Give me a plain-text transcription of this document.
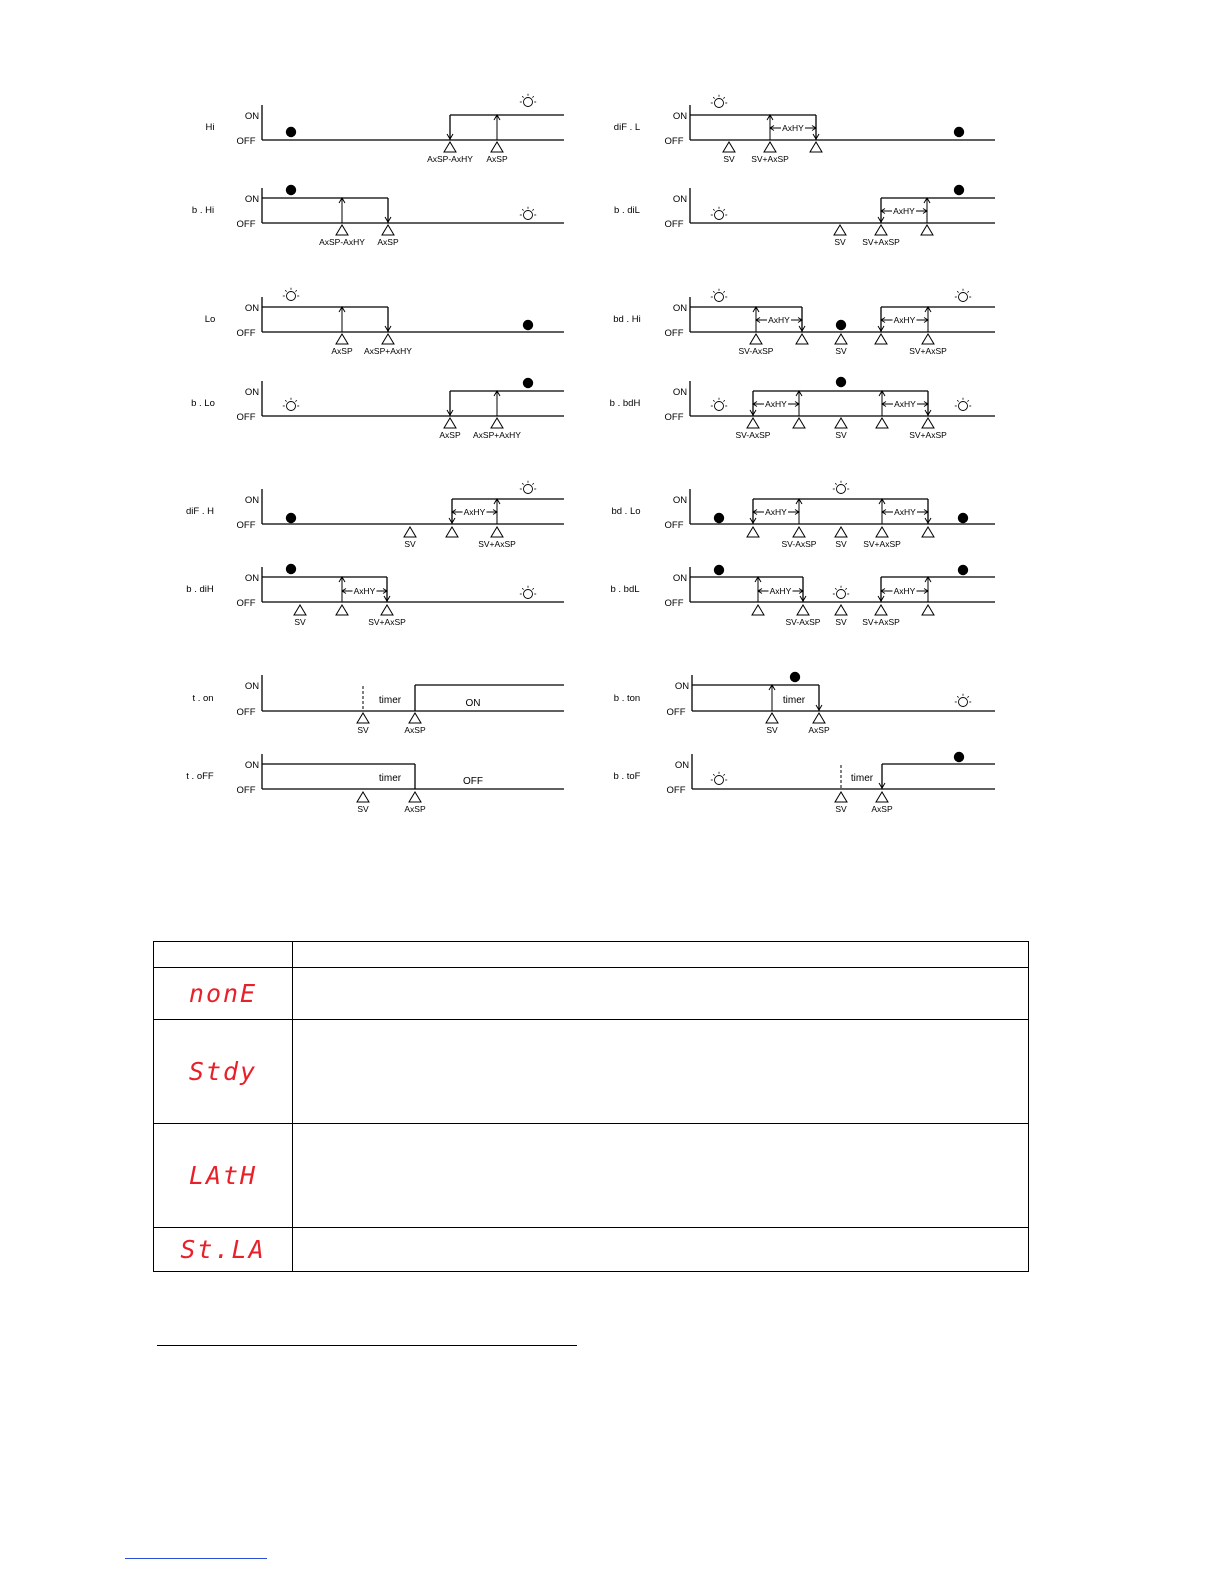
Hi
ON
OFF
AxSP-AxHY AxSP
b . Hi
ON
OFF
AxSP-AxHY AxSP
Lo
ON
OFF
AxSP AxSP+AxHY
b . Lo
ON
OFF
AxSP AxSP+AxHY
diF . H
ON
OFF
AxHY
SV	SV+AxSP
b . diH
ON
OFF
AxHY
SV	SV+AxSP
t . on
ON
OFF
timer	ON
SV	AxSP
t . oFF
ON
OFF
timer	OFF
SV	AxSP
diF . L
ON
OFF
AxHY
SV SV+AxSP
b . diL
ON
OFF
AxHY
SV SV+AxSP
bd . Hi
ON
OFF
AxHY	AxHY
SV-AxSP	SV	SV+AxSP
b . bdH
ON
OFF
AxHY	AxHY
SV-AxSP	SV	SV+AxSP
bd . Lo
ON
OFF
AxHY	AxHY
SV-AxSP SV SV+AxSP
b . bdL
ON
OFF
AxHY	AxHY
SV-AxSP SV SV+AxSP
b . ton
ON
OFF
timer
SV	AxSP
b . toF
ON
OFF
timer
SV	AxSP

nonE	
Stdy	
LAtH	
St.LA	
